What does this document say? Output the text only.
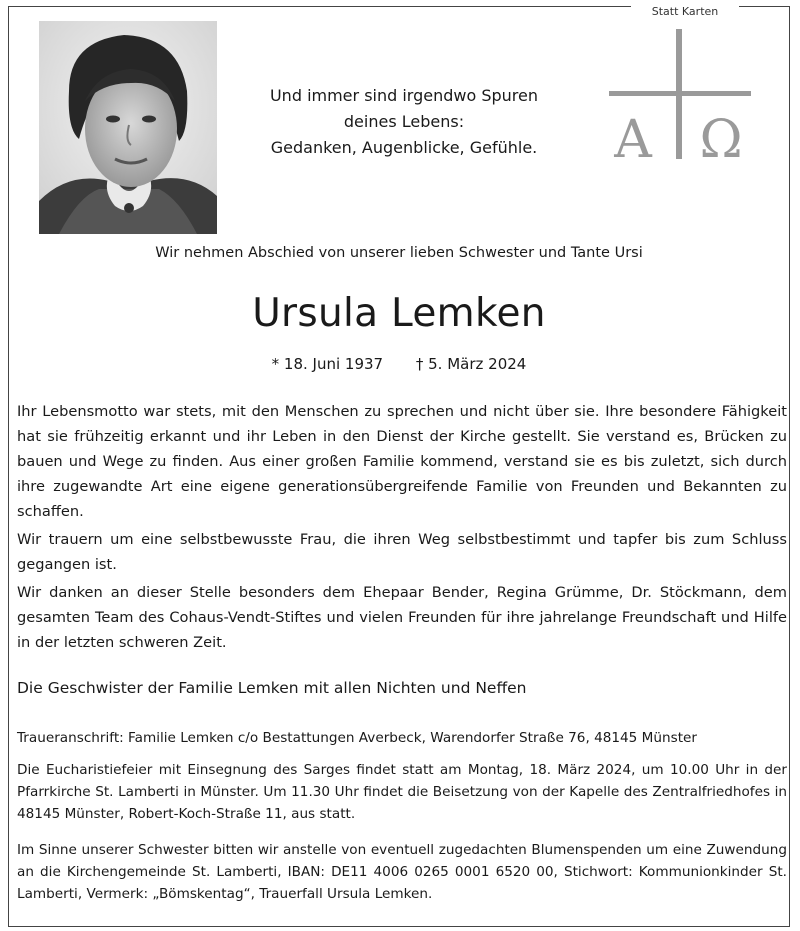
Statt Karten
Und immer sind irgendwo Spuren
deines Lebens:
Gedanken, Augenblicke, Gefühle.	A Ω
Wir nehmen Abschied von unserer lieben Schwester und Tante Ursi
Ursula Lemken
* 18. Juni 1937 † 5. März 2024

Ihr Lebensmotto war stets, mit den Menschen zu sprechen und nicht über sie. Ihre besondere Fähigkeit hat sie frühzeitig erkannt und ihr Leben in den Dienst der Kirche gestellt. Sie verstand es, Brücken zu bauen und Wege zu finden. Aus einer großen Familie kommend, verstand sie es bis zuletzt, sich durch ihre zugewandte Art eine eigene generationsübergreifende Familie von Freunden und Bekannten zu schaffen.

Wir trauern um eine selbstbewusste Frau, die ihren Weg selbstbestimmt und tapfer bis zum Schluss gegangen ist.

Wir danken an dieser Stelle besonders dem Ehepaar Bender, Regina Grümme, Dr. Stöckmann, dem gesamten Team des Cohaus-Vendt-Stiftes und vielen Freunden für ihre jahrelange Freundschaft und Hilfe in der letzten schweren Zeit.

Die Geschwister der Familie Lemken mit allen Nichten und Neffen

Traueranschrift: Familie Lemken c/o Bestattungen Averbeck, Warendorfer Straße 76, 48145 Münster

Die Eucharistiefeier mit Einsegnung des Sarges findet statt am Montag, 18. März 2024, um 10.00 Uhr in der Pfarrkirche St. Lamberti in Münster. Um 11.30 Uhr findet die Beisetzung von der Kapelle des Zentralfriedhofes in 48145 Münster, Robert-Koch-Straße 11, aus statt.

Im Sinne unserer Schwester bitten wir anstelle von eventuell zugedachten Blumenspenden um eine Zuwendung an die Kirchengemeinde St. Lamberti, IBAN: DE11 4006 0265 0001 6520 00, Stichwort: Kommunionkinder St. Lamberti, Vermerk: „Bömskentag“, Trauerfall Ursula Lemken.
